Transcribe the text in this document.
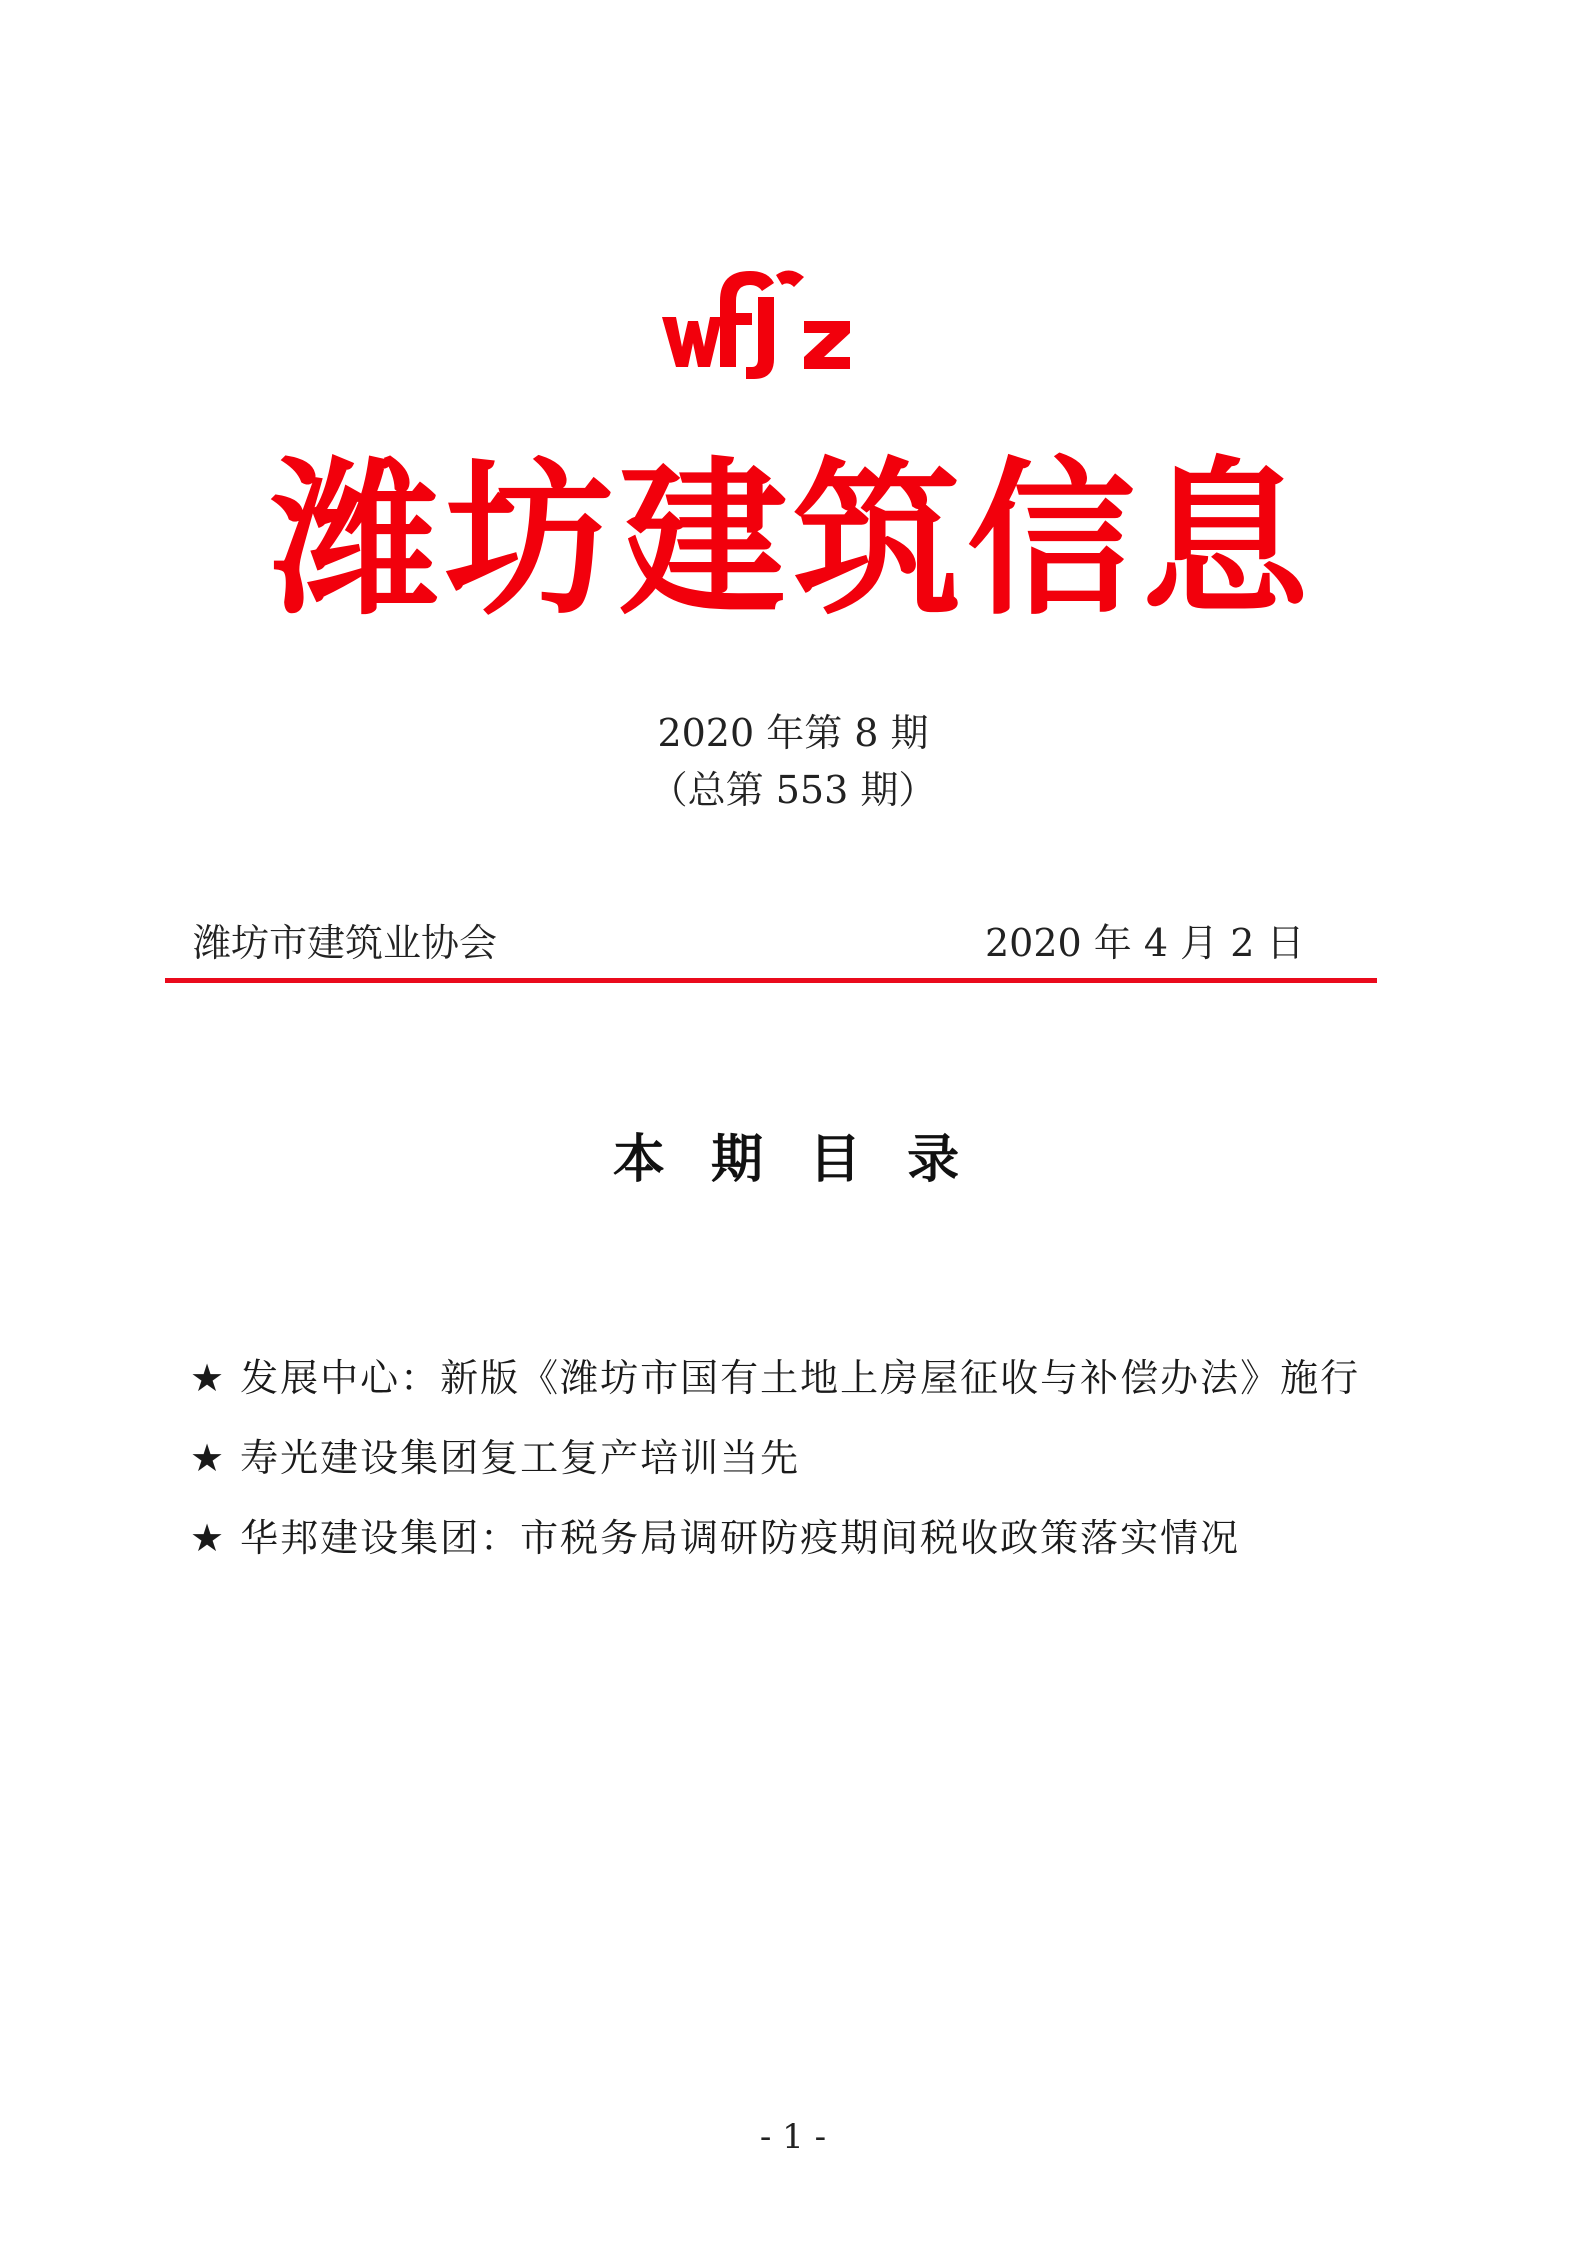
潍坊建筑信息
2020 年第 8 期
（总第 553 期）
潍坊市建筑业协会	2020 年 4 月 2 日
本 期 目 录
★ 发展中心：新版《潍坊市国有土地上房屋征收与补偿办法》施行
★ 寿光建设集团复工复产培训当先
★ 华邦建设集团：市税务局调研防疫期间税收政策落实情况
- 1 -
